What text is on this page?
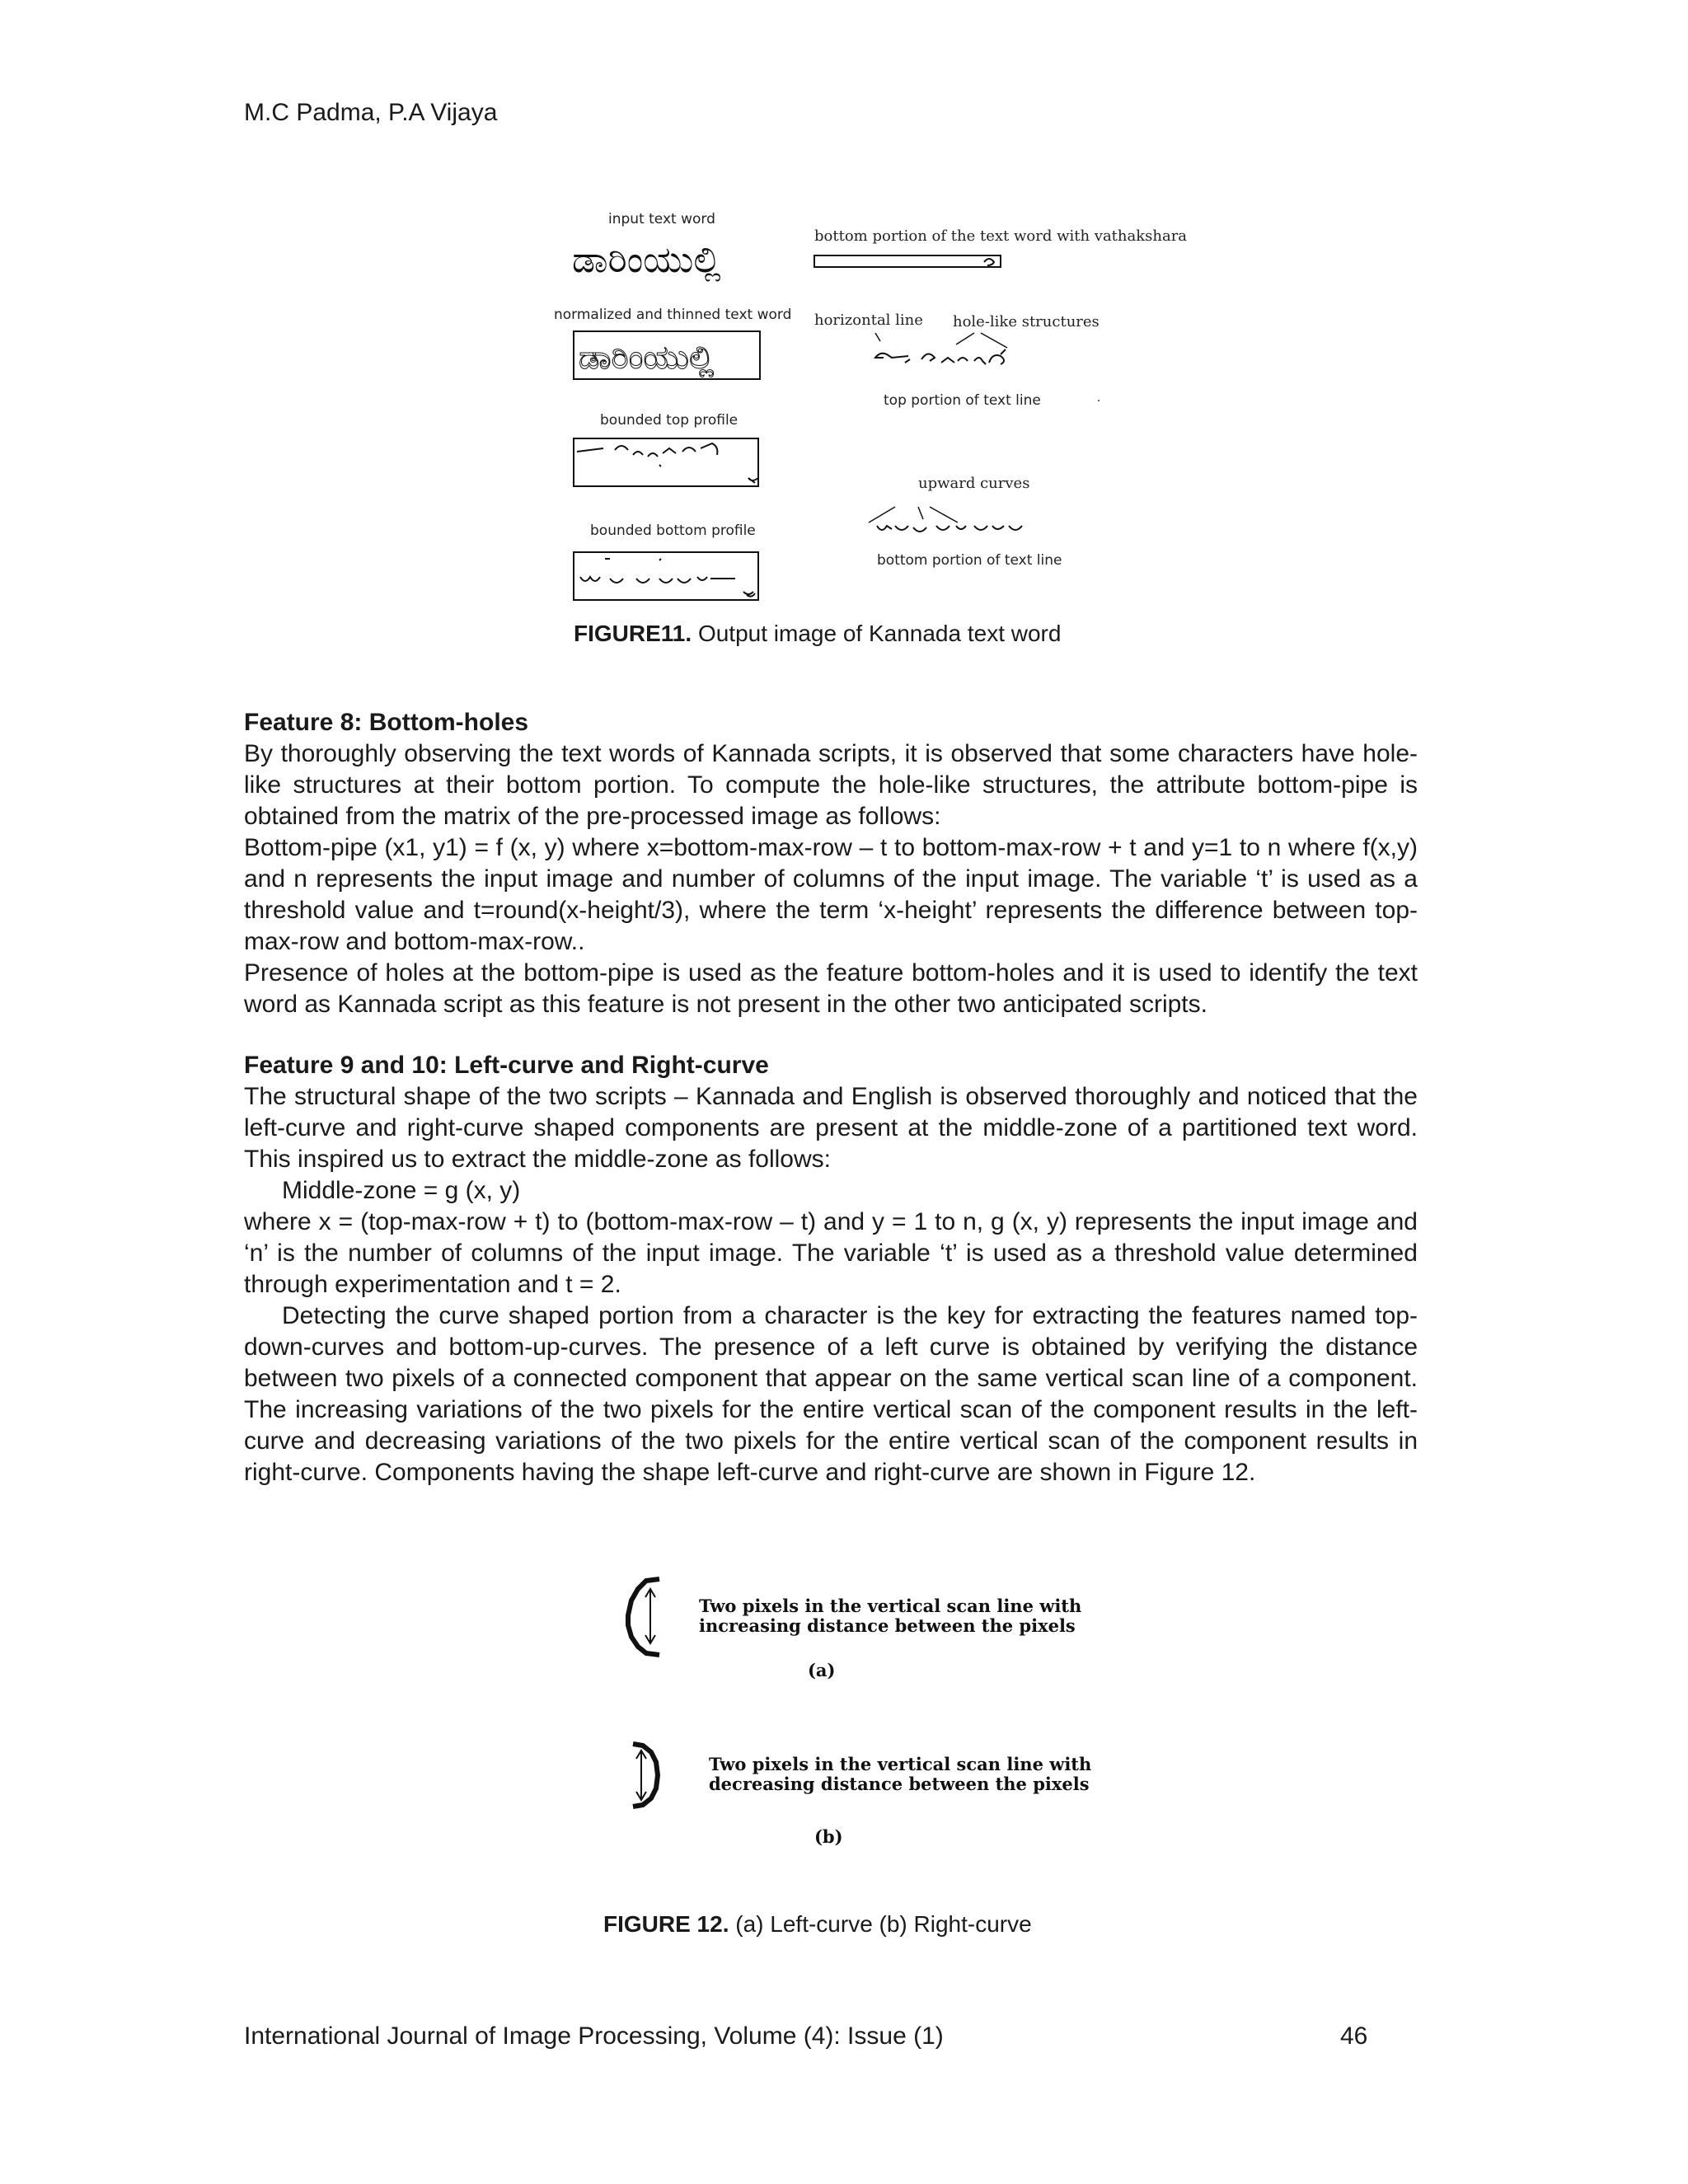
M.C Padma, P.A Vijaya
ಡಾರಿಂಯುಲ್ಲಿ
ಡಾರಿಂಯುಲ್ಲಿ
input text word
normalized and thinned text word
bounded top profile
bounded bottom profile
bottom portion of the text word with vathakshara
horizontal line hole-like structures
top portion of text line
upward curves
bottom portion of text line
FIGURE11. Output image of Kannada text word
Feature 8: Bottom-holes
By thoroughly observing the text words of Kannada scripts, it is observed that some characters have hole-like structures at their bottom portion. To compute the hole-like structures, the attribute bottom-pipe is obtained from the matrix of the pre-processed image as follows:
Bottom-pipe (x1, y1) = f (x, y) where x=bottom-max-row – t to bottom-max-row + t and y=1 to n where f(x,y) and n represents the input image and number of columns of the input image. The variable ‘t’ is used as a threshold value and t=round(x-height/3), where the term ‘x-height’ represents the difference between top-max-row and bottom-max-row..
Presence of holes at the bottom-pipe is used as the feature bottom-holes and it is used to identify the text word as Kannada script as this feature is not present in the other two anticipated scripts.
Feature 9 and 10: Left-curve and Right-curve
The structural shape of the two scripts – Kannada and English is observed thoroughly and noticed that the left-curve and right-curve shaped components are present at the middle-zone of a partitioned text word. This inspired us to extract the middle-zone as follows:
Middle-zone = g (x, y)
where x = (top-max-row + t) to (bottom-max-row – t) and y = 1 to n, g (x, y) represents the input image and ‘n’ is the number of columns of the input image. The variable ‘t’ is used as a threshold value determined through experimentation and t = 2.
Detecting the curve shaped portion from a character is the key for extracting the features named top-down-curves and bottom-up-curves. The presence of a left curve is obtained by verifying the distance between two pixels of a connected component that appear on the same vertical scan line of a component. The increasing variations of the two pixels for the entire vertical scan of the component results in the left-curve and decreasing variations of the two pixels for the entire vertical scan of the component results in right-curve. Components having the shape left-curve and right-curve are shown in Figure 12.
Two pixels in the vertical scan line with
increasing distance between the pixels
(a)
Two pixels in the vertical scan line with
decreasing distance between the pixels
(b)
FIGURE 12. (a) Left-curve (b) Right-curve
International Journal of Image Processing, Volume (4): Issue (1)	46
